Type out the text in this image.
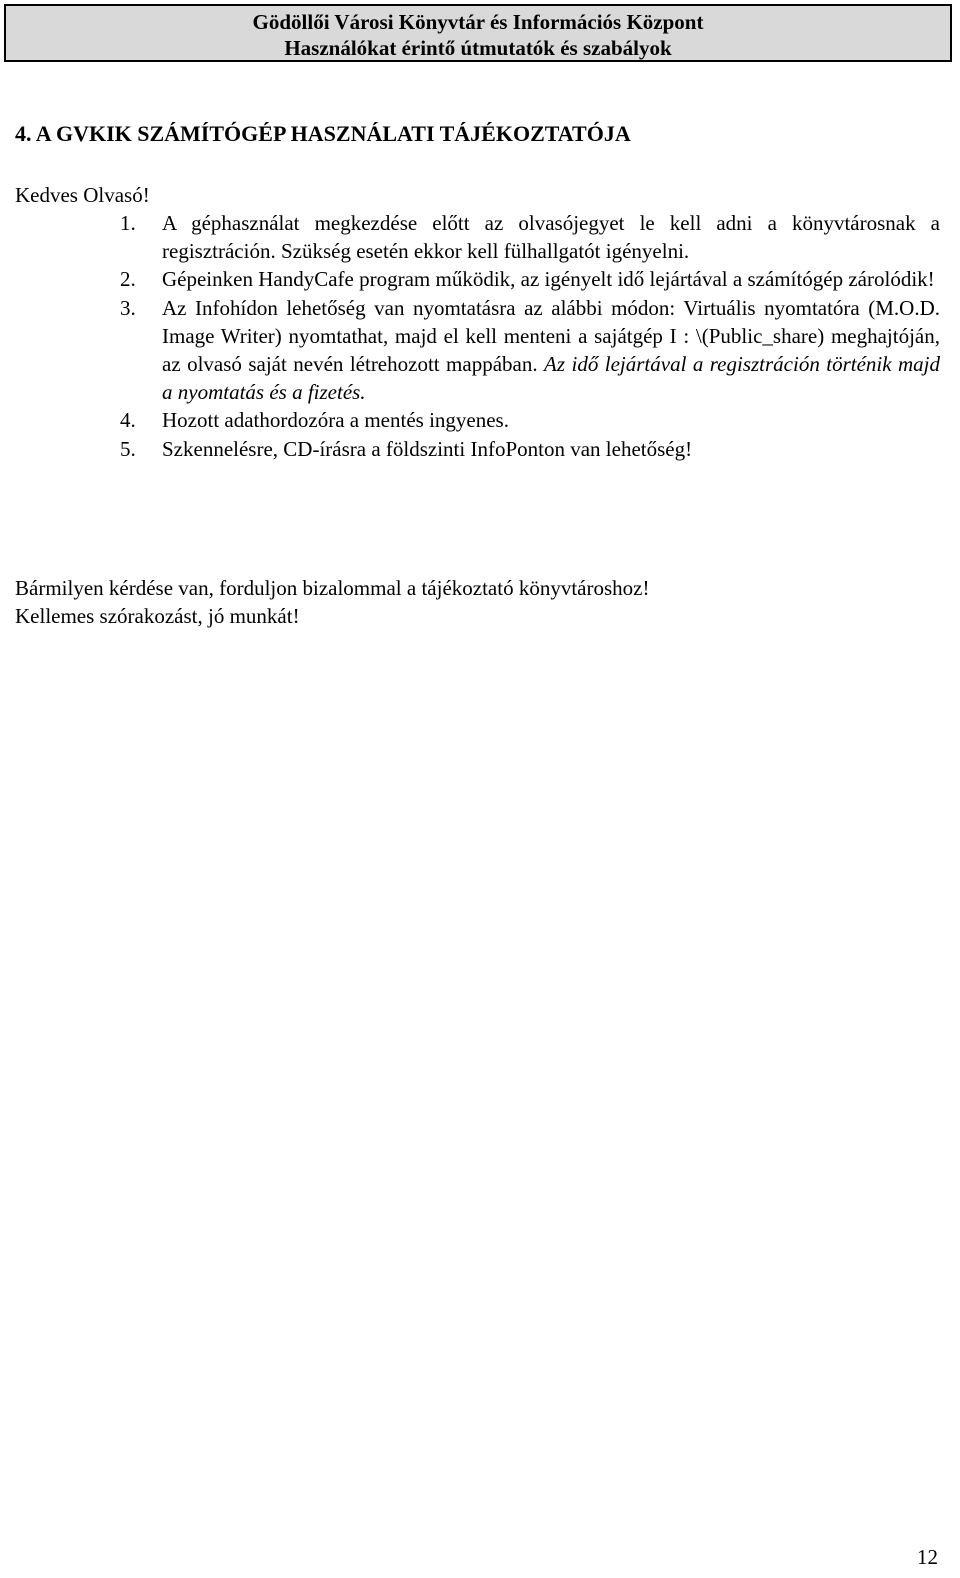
Gödöllői Városi Könyvtár és Információs Központ
Használókat érintő útmutatók és szabályok
4. A GVKIK SZÁMÍTÓGÉP HASZNÁLATI TÁJÉKOZTATÓJA
Kedves Olvasó!
1. A géphasználat megkezdése előtt az olvasójegyet le kell adni a könyvtárosnak a regisztráción. Szükség esetén ekkor kell fülhallgatót igényelni.
2. Gépeinken HandyCafe program működik, az igényelt idő lejártával a számítógép zárolódik!
3. Az Infohídon lehetőség van nyomtatásra az alábbi módon: Virtuális nyomtatóra (M.O.D. Image Writer) nyomtathat, majd el kell menteni a sajátgép I : \(Public_share) meghajtóján, az olvasó saját nevén létrehozott mappában. Az idő lejártával a regisztráción történik majd a nyomtatás és a fizetés.
4. Hozott adathordozóra a mentés ingyenes.
5. Szkennelésre, CD-írásra a földszinti InfoPonton van lehetőség!
Bármilyen kérdése van, forduljon bizalommal a tájékoztató könyvtároshoz!
Kellemes szórakozást, jó munkát!
12
